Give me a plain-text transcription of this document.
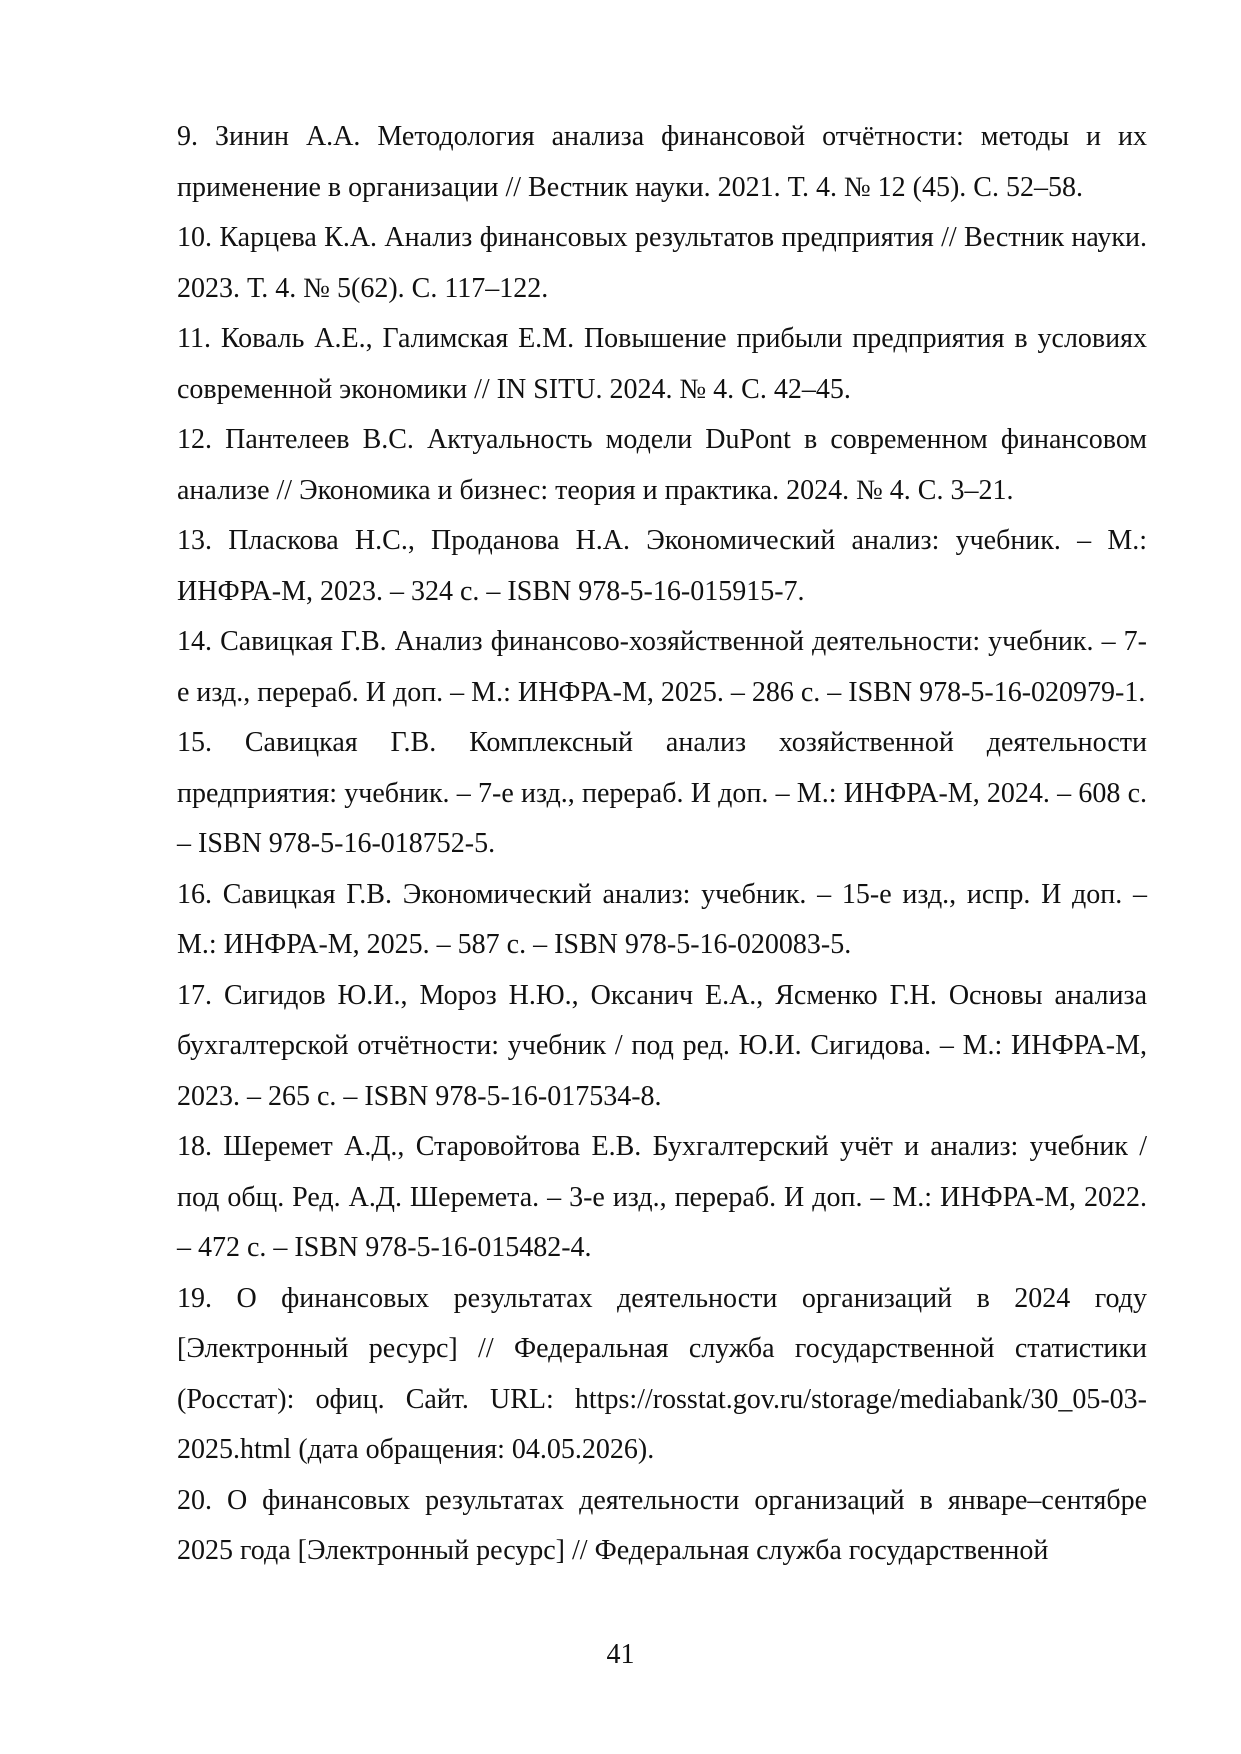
9. Зинин А.А. Методология анализа финансовой отчётности: методы и их применение в организации // Вестник науки. 2021. Т. 4. № 12 (45). С. 52–58.
10. Карцева К.А. Анализ финансовых результатов предприятия // Вестник науки. 2023. Т. 4. № 5(62). С. 117–122.
11. Коваль А.Е., Галимская Е.М. Повышение прибыли предприятия в условиях современной экономики // IN SITU. 2024. № 4. С. 42–45.
12. Пантелеев В.С. Актуальность модели DuPont в современном финансовом анализе // Экономика и бизнес: теория и практика. 2024. № 4. С. 3–21.
13. Пласкова Н.С., Проданова Н.А. Экономический анализ: учебник. – М.: ИНФРА-М, 2023. – 324 с. – ISBN 978-5-16-015915-7.
14. Савицкая Г.В. Анализ финансово-хозяйственной деятельности: учебник. – 7-е изд., перераб. И доп. – М.: ИНФРА-М, 2025. – 286 с. – ISBN 978-5-16-020979-1.
15. Савицкая Г.В. Комплексный анализ хозяйственной деятельности предприятия: учебник. – 7-е изд., перераб. И доп. – М.: ИНФРА-М, 2024. – 608 с. – ISBN 978-5-16-018752-5.
16. Савицкая Г.В. Экономический анализ: учебник. – 15-е изд., испр. И доп. – М.: ИНФРА-М, 2025. – 587 с. – ISBN 978-5-16-020083-5.
17. Сигидов Ю.И., Мороз Н.Ю., Оксанич Е.А., Ясменко Г.Н. Основы анализа бухгалтерской отчётности: учебник / под ред. Ю.И. Сигидова. – М.: ИНФРА-М, 2023. – 265 с. – ISBN 978-5-16-017534-8.
18. Шеремет А.Д., Старовойтова Е.В. Бухгалтерский учёт и анализ: учебник / под общ. Ред. А.Д. Шеремета. – 3-е изд., перераб. И доп. – М.: ИНФРА-М, 2022. – 472 с. – ISBN 978-5-16-015482-4.
19. О финансовых результатах деятельности организаций в 2024 году [Электронный ресурс] // Федеральная служба государственной статистики (Росстат): офиц. Сайт. URL: https://rosstat.gov.ru/storage/mediabank/30_05-03-2025.html (дата обращения: 04.05.2026).
20. О финансовых результатах деятельности организаций в январе–сентябре 2025 года [Электронный ресурс] // Федеральная служба государственной
41
